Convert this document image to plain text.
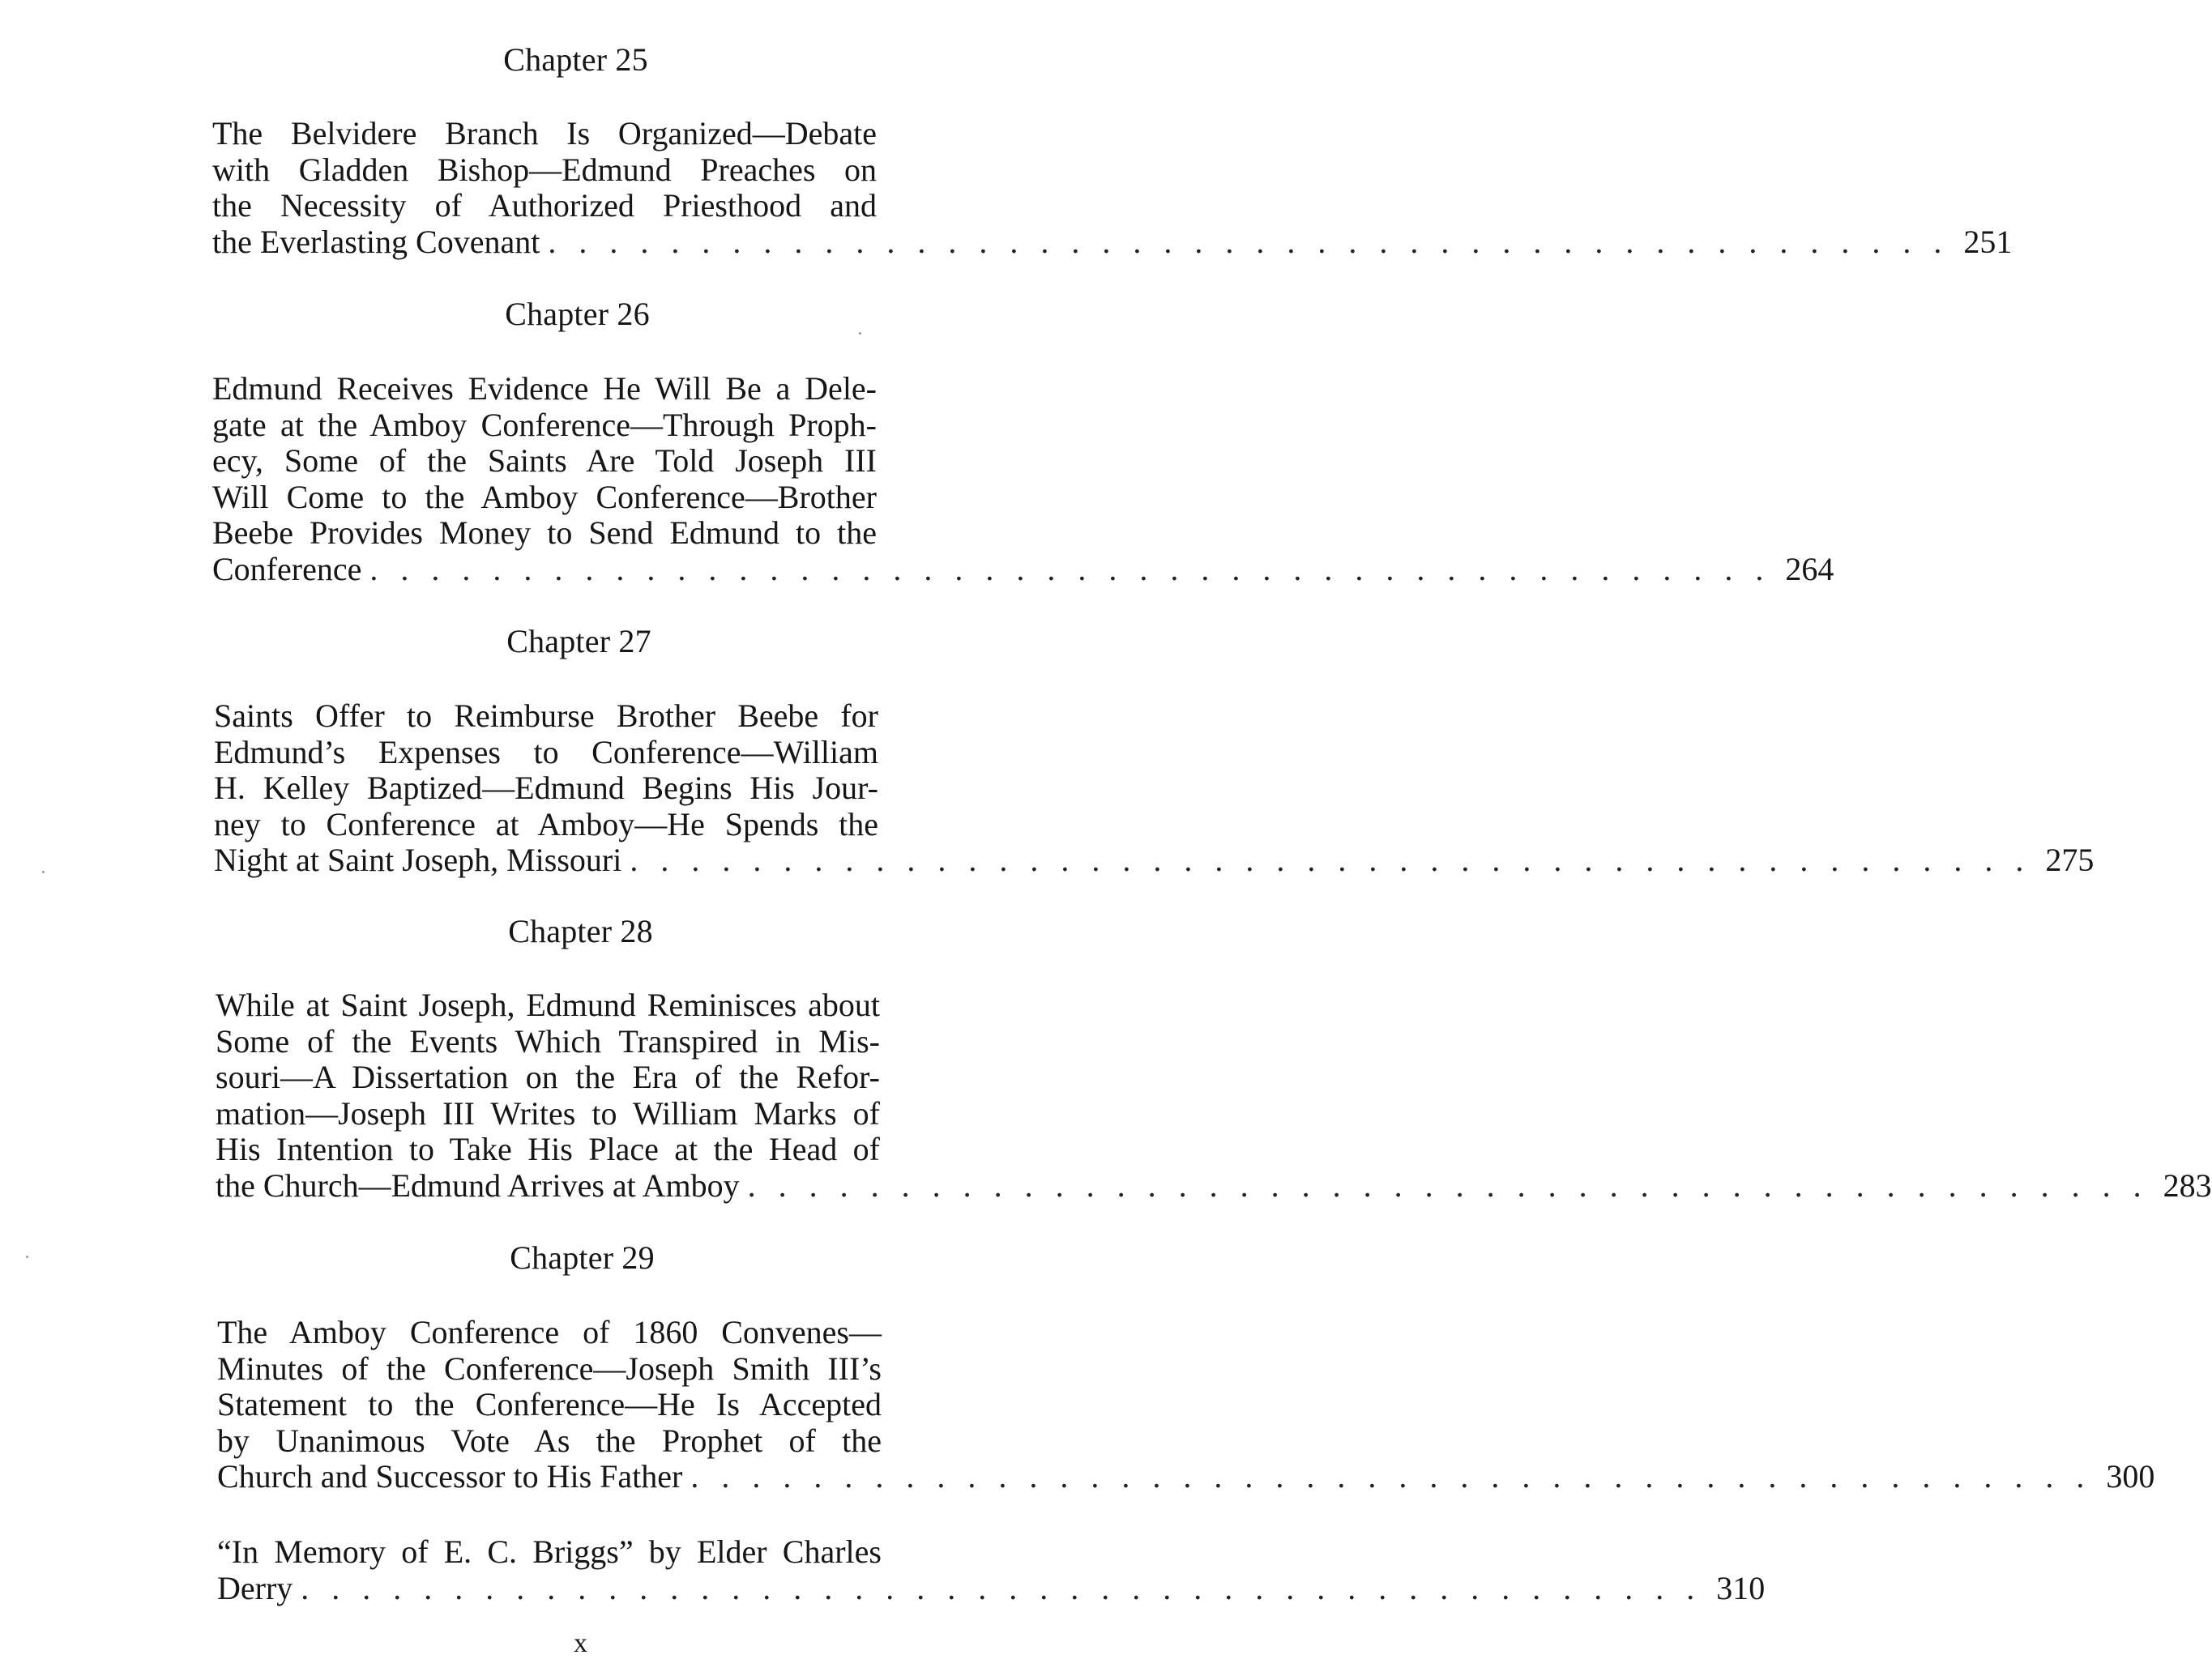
Chapter 25
The Belvidere Branch Is Organized—Debate
with Gladden Bishop—Edmund Preaches on
the Necessity of Authorized Priesthood and
the Everlasting Covenant . . . . . . . . . . . . . . . . . . . . . . . . . . . . . . . . . . . . . . . . . . . . . . 251
Chapter 26
Edmund Receives Evidence He Will Be a Dele-
gate at the Amboy Conference—Through Proph-
ecy, Some of the Saints Are Told Joseph III
Will Come to the Amboy Conference—Brother
Beebe Provides Money to Send Edmund to the
Conference . . . . . . . . . . . . . . . . . . . . . . . . . . . . . . . . . . . . . . . . . . . . . . 264
Chapter 27
Saints Offer to Reimburse Brother Beebe for
Edmund’s Expenses to Conference—William
H. Kelley Baptized—Edmund Begins His Jour-
ney to Conference at Amboy—He Spends the
Night at Saint Joseph, Missouri . . . . . . . . . . . . . . . . . . . . . . . . . . . . . . . . . . . . . . . . . . . . . . 275
Chapter 28
While at Saint Joseph, Edmund Reminisces about
Some of the Events Which Transpired in Mis-
souri—A Dissertation on the Era of the Refor-
mation—Joseph III Writes to William Marks of
His Intention to Take His Place at the Head of
the Church—Edmund Arrives at Amboy . . . . . . . . . . . . . . . . . . . . . . . . . . . . . . . . . . . . . . . . . . . . . . 283
Chapter 29
The Amboy Conference of 1860 Convenes—
Minutes of the Conference—Joseph Smith III’s
Statement to the Conference—He Is Accepted
by Unanimous Vote As the Prophet of the
Church and Successor to His Father . . . . . . . . . . . . . . . . . . . . . . . . . . . . . . . . . . . . . . . . . . . . . . 300
“In Memory of E. C. Briggs” by Elder Charles
Derry . . . . . . . . . . . . . . . . . . . . . . . . . . . . . . . . . . . . . . . . . . . . . . 310
x
